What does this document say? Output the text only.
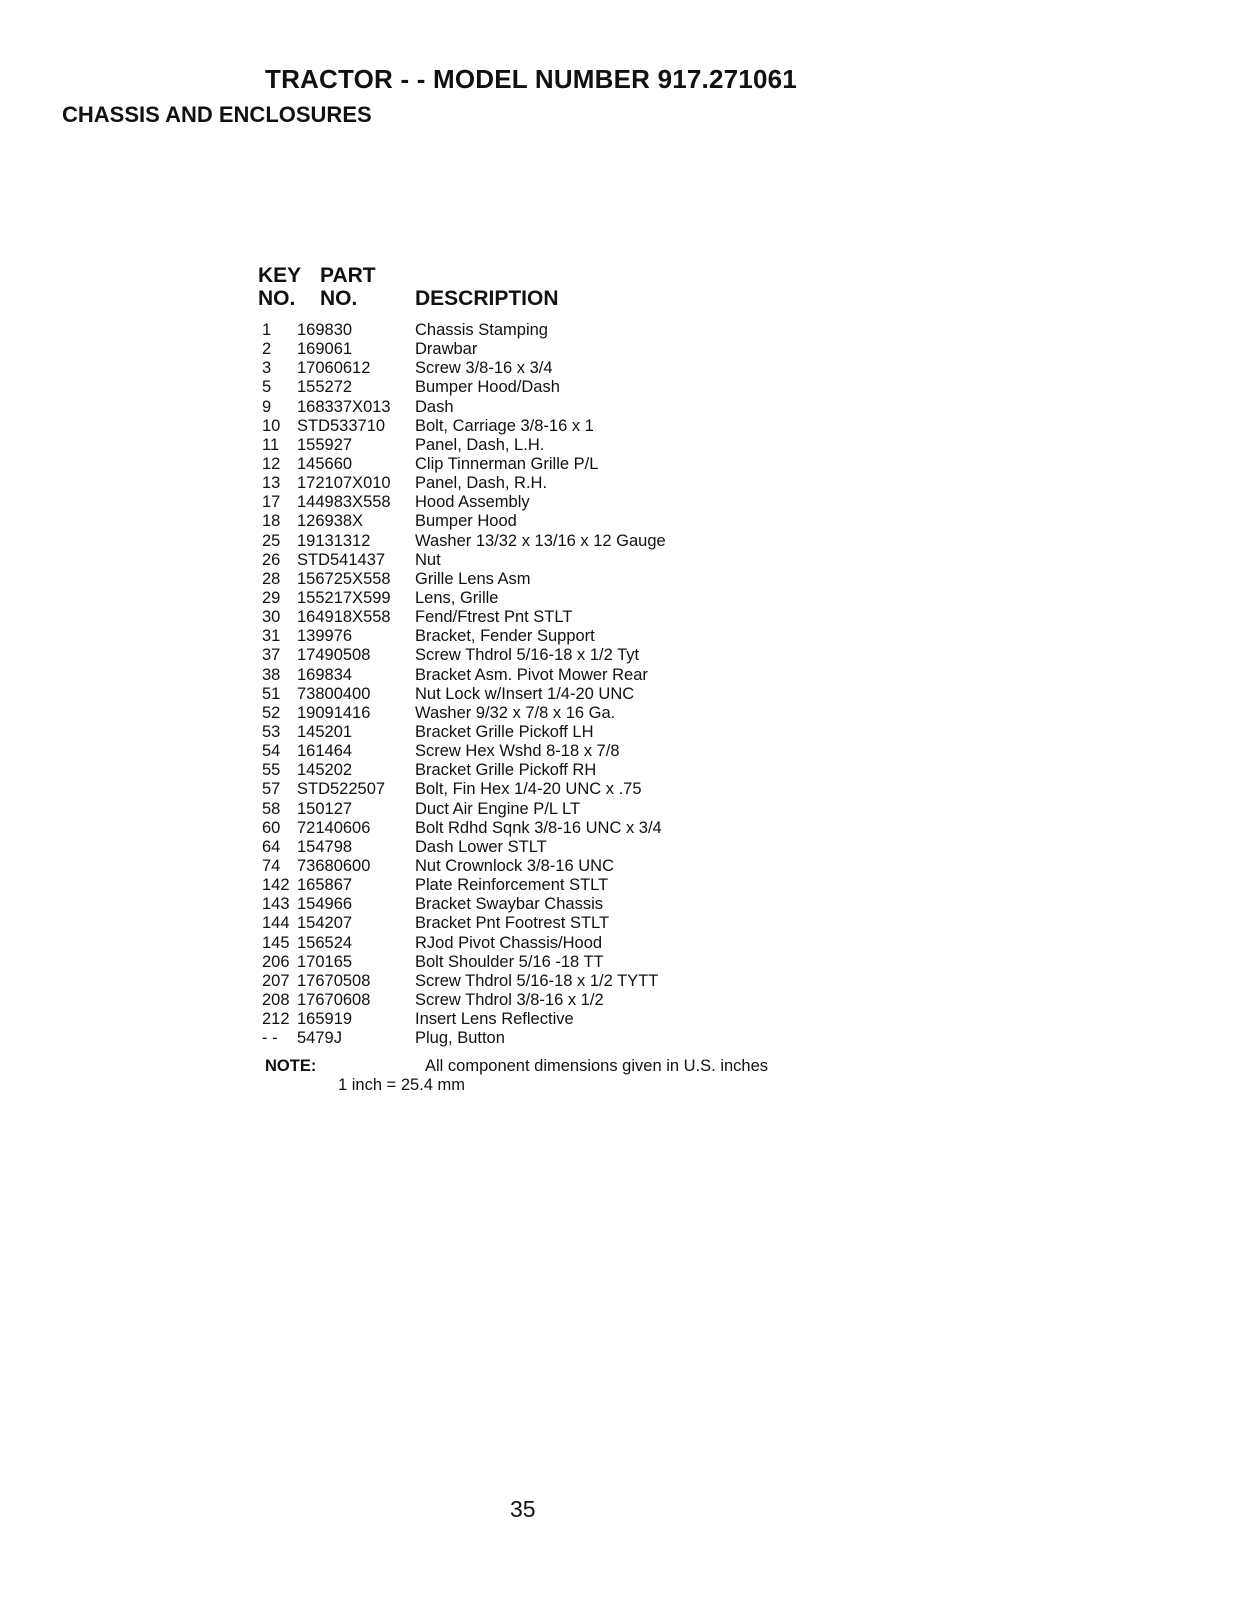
TRACTOR - - MODEL NUMBER 917.271061
CHASSIS AND ENCLOSURES
KEY PART
NO. NO.	DESCRIPTION
1 169830	Chassis Stamping
2 169061	Drawbar
3 17060612	Screw 3/8-16 x 3/4
5 155272	Bumper Hood/Dash
9 168337X013 Dash
10 STD533710 Bolt, Carriage 3/8-16 x 1
11 155927	Panel, Dash, L.H.
12 145660	Clip Tinnerman Grille P/L
13 172107X010 Panel, Dash, R.H.
17 144983X558 Hood Assembly
18 126938X	Bumper Hood
25 19131312	Washer 13/32 x 13/16 x 12 Gauge
26 STD541437 Nut
28 156725X558 Grille Lens Asm
29 155217X599 Lens, Grille
30 164918X558 Fend/Ftrest Pnt STLT
31 139976	Bracket, Fender Support
37 17490508	Screw Thdrol 5/16-18 x 1/2 Tyt
38 169834	Bracket Asm. Pivot Mower Rear
51 73800400	Nut Lock w/Insert 1/4-20 UNC
52 19091416	Washer 9/32 x 7/8 x 16 Ga.
53 145201	Bracket Grille Pickoff LH
54 161464	Screw Hex Wshd 8-18 x 7/8
55 145202	Bracket Grille Pickoff RH
57 STD522507 Bolt, Fin Hex 1/4-20 UNC x .75
58 150127	Duct Air Engine P/L LT
60 72140606	Bolt Rdhd Sqnk 3/8-16 UNC x 3/4
64 154798	Dash Lower STLT
74 73680600	Nut Crownlock 3/8-16 UNC
142 165867	Plate Reinforcement STLT
143 154966	Bracket Swaybar Chassis
144 154207	Bracket Pnt Footrest STLT
145 156524	RJod Pivot Chassis/Hood
206 170165	Bolt Shoulder 5/16 -18 TT
207 17670508	Screw Thdrol 5/16-18 x 1/2 TYTT
208 17670608	Screw Thdrol 3/8-16 x 1/2
212 165919	Insert Lens Reflective
- - 5479J	Plug, Button
NOTE:	All component dimensions given in U.S. inches
1 inch = 25.4 mm
35
